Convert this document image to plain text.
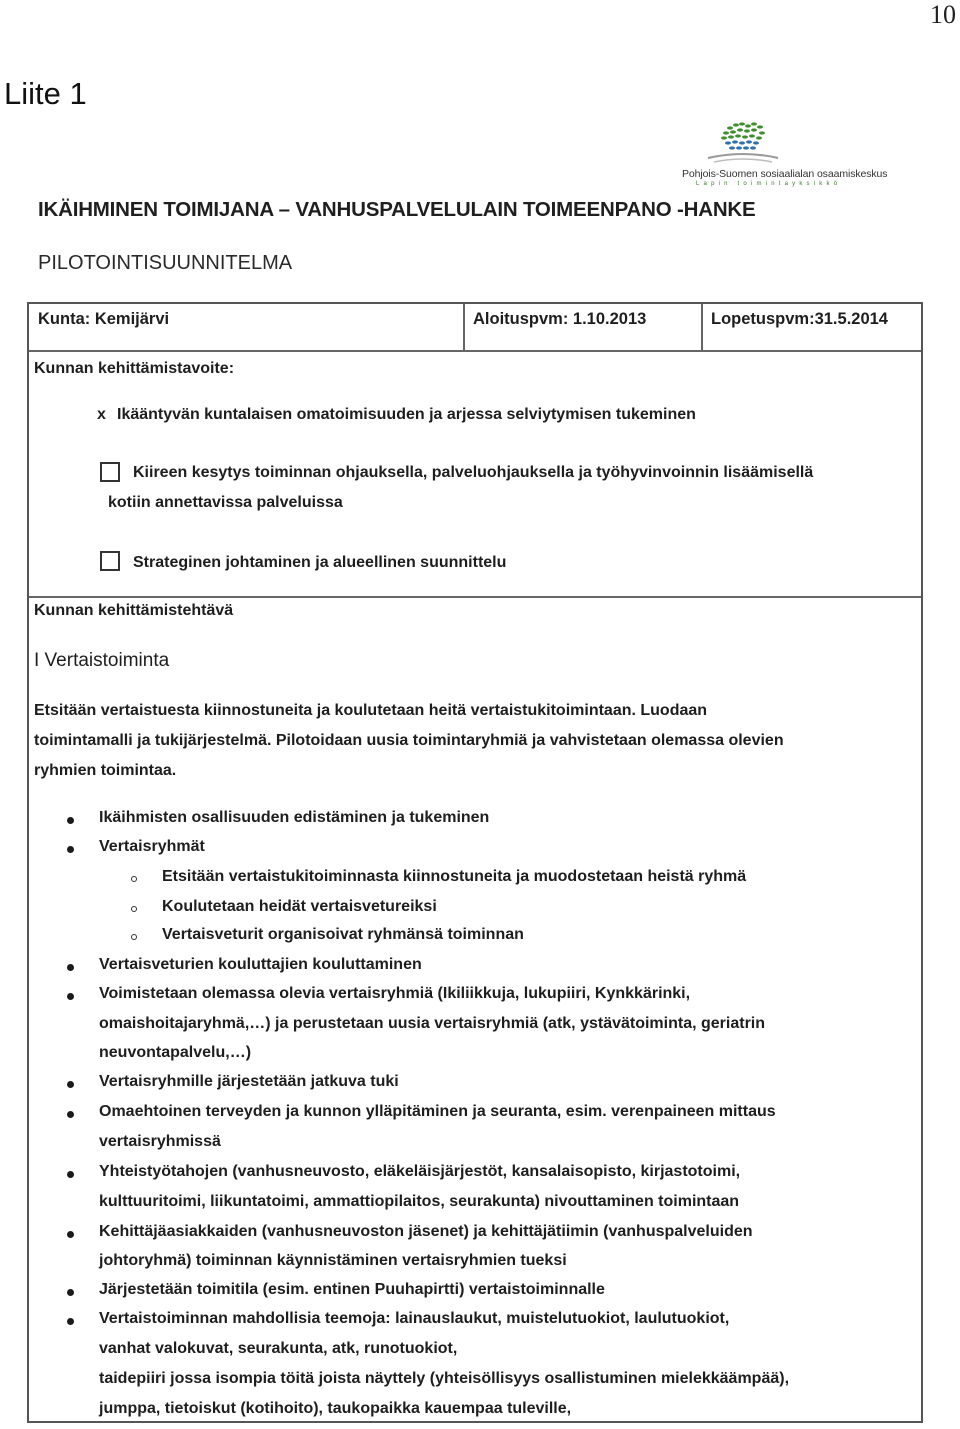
10
Liite 1
Pohjois-Suomen sosiaalialan osaamiskeskus
Lapin toimintayksikkö
IKÄIHMINEN TOIMIJANA – VANHUSPALVELULAIN TOIMEENPANO -HANKE
PILOTOINTISUUNNITELMA
Kunta: Kemijärvi	Aloituspvm: 1.10.2013	Lopetuspvm:31.5.2014
Kunnan kehittämistavoite:
x Ikääntyvän kuntalaisen omatoimisuuden ja arjessa selviytymisen tukeminen
Kiireen kesytys toiminnan ohjauksella, palveluohjauksella ja työhyvinvoinnin lisäämisellä
kotiin annettavissa palveluissa
Strateginen johtaminen ja alueellinen suunnittelu
Kunnan kehittämistehtävä
I Vertaistoiminta
Etsitään vertaistuesta kiinnostuneita ja koulutetaan heitä vertaistukitoimintaan. Luodaan
toimintamalli ja tukijärjestelmä. Pilotoidaan uusia toimintaryhmiä ja vahvistetaan olemassa olevien
ryhmien toimintaa.
Ikäihmisten osallisuuden edistäminen ja tukeminen
Vertaisryhmät
Etsitään vertaistukitoiminnasta kiinnostuneita ja muodostetaan heistä ryhmä
Koulutetaan heidät vertaisvetureiksi
Vertaisveturit organisoivat ryhmänsä toiminnan
Vertaisveturien kouluttajien kouluttaminen
Voimistetaan olemassa olevia vertaisryhmiä (Ikiliikkuja, lukupiiri, Kynkkärinki,
omaishoitajaryhmä,…) ja perustetaan uusia vertaisryhmiä (atk, ystävätoiminta, geriatrin
neuvontapalvelu,…)
Vertaisryhmille järjestetään jatkuva tuki
Omaehtoinen terveyden ja kunnon ylläpitäminen ja seuranta, esim. verenpaineen mittaus
vertaisryhmissä
Yhteistyötahojen (vanhusneuvosto, eläkeläisjärjestöt, kansalaisopisto, kirjastotoimi,
kulttuuritoimi, liikuntatoimi, ammattiopilaitos, seurakunta) nivouttaminen toimintaan
Kehittäjäasiakkaiden (vanhusneuvoston jäsenet) ja kehittäjätiimin (vanhuspalveluiden
johtoryhmä) toiminnan käynnistäminen vertaisryhmien tueksi
Järjestetään toimitila (esim. entinen Puuhapirtti) vertaistoiminnalle
Vertaistoiminnan mahdollisia teemoja: lainauslaukut, muistelutuokiot, laulutuokiot,
vanhat valokuvat, seurakunta, atk, runotuokiot,
taidepiiri jossa isompia töitä joista näyttely (yhteisöllisyys osallistuminen mielekkäämpää),
jumppa, tietoiskut (kotihoito), taukopaikka kauempaa tuleville,
